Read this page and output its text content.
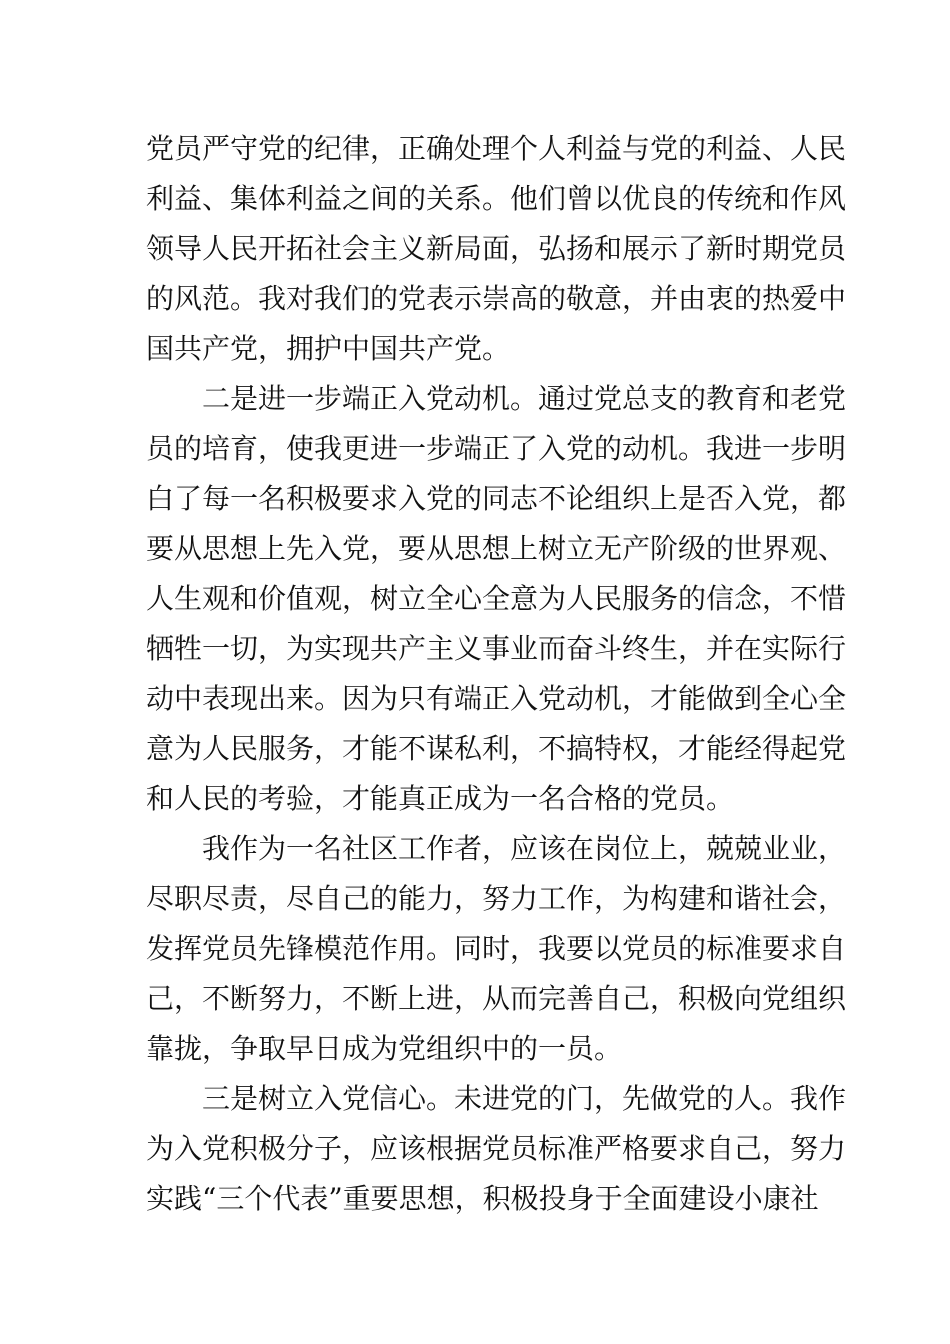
党员严守党的纪律，正确处理个人利益与党的利益、人民
利益、集体利益之间的关系。他们曾以优良的传统和作风
领导人民开拓社会主义新局面，弘扬和展示了新时期党员
的风范。我对我们的党表示崇高的敬意，并由衷的热爱中
国共产党，拥护中国共产党。
　　二是进一步端正入党动机。通过党总支的教育和老党
员的培育，使我更进一步端正了入党的动机。我进一步明
白了每一名积极要求入党的同志不论组织上是否入党，都
要从思想上先入党，要从思想上树立无产阶级的世界观、
人生观和价值观，树立全心全意为人民服务的信念，不惜
牺牲一切，为实现共产主义事业而奋斗终生，并在实际行
动中表现出来。因为只有端正入党动机，才能做到全心全
意为人民服务，才能不谋私利，不搞特权，才能经得起党
和人民的考验，才能真正成为一名合格的党员。
　　我作为一名社区工作者，应该在岗位上，兢兢业业，
尽职尽责，尽自己的能力，努力工作，为构建和谐社会，
发挥党员先锋模范作用。同时，我要以党员的标准要求自
己，不断努力，不断上进，从而完善自己，积极向党组织
靠拢，争取早日成为党组织中的一员。
　　三是树立入党信心。未进党的门，先做党的人。我作
为入党积极分子，应该根据党员标准严格要求自己，努力
实践“三个代表”重要思想，积极投身于全面建设小康社
